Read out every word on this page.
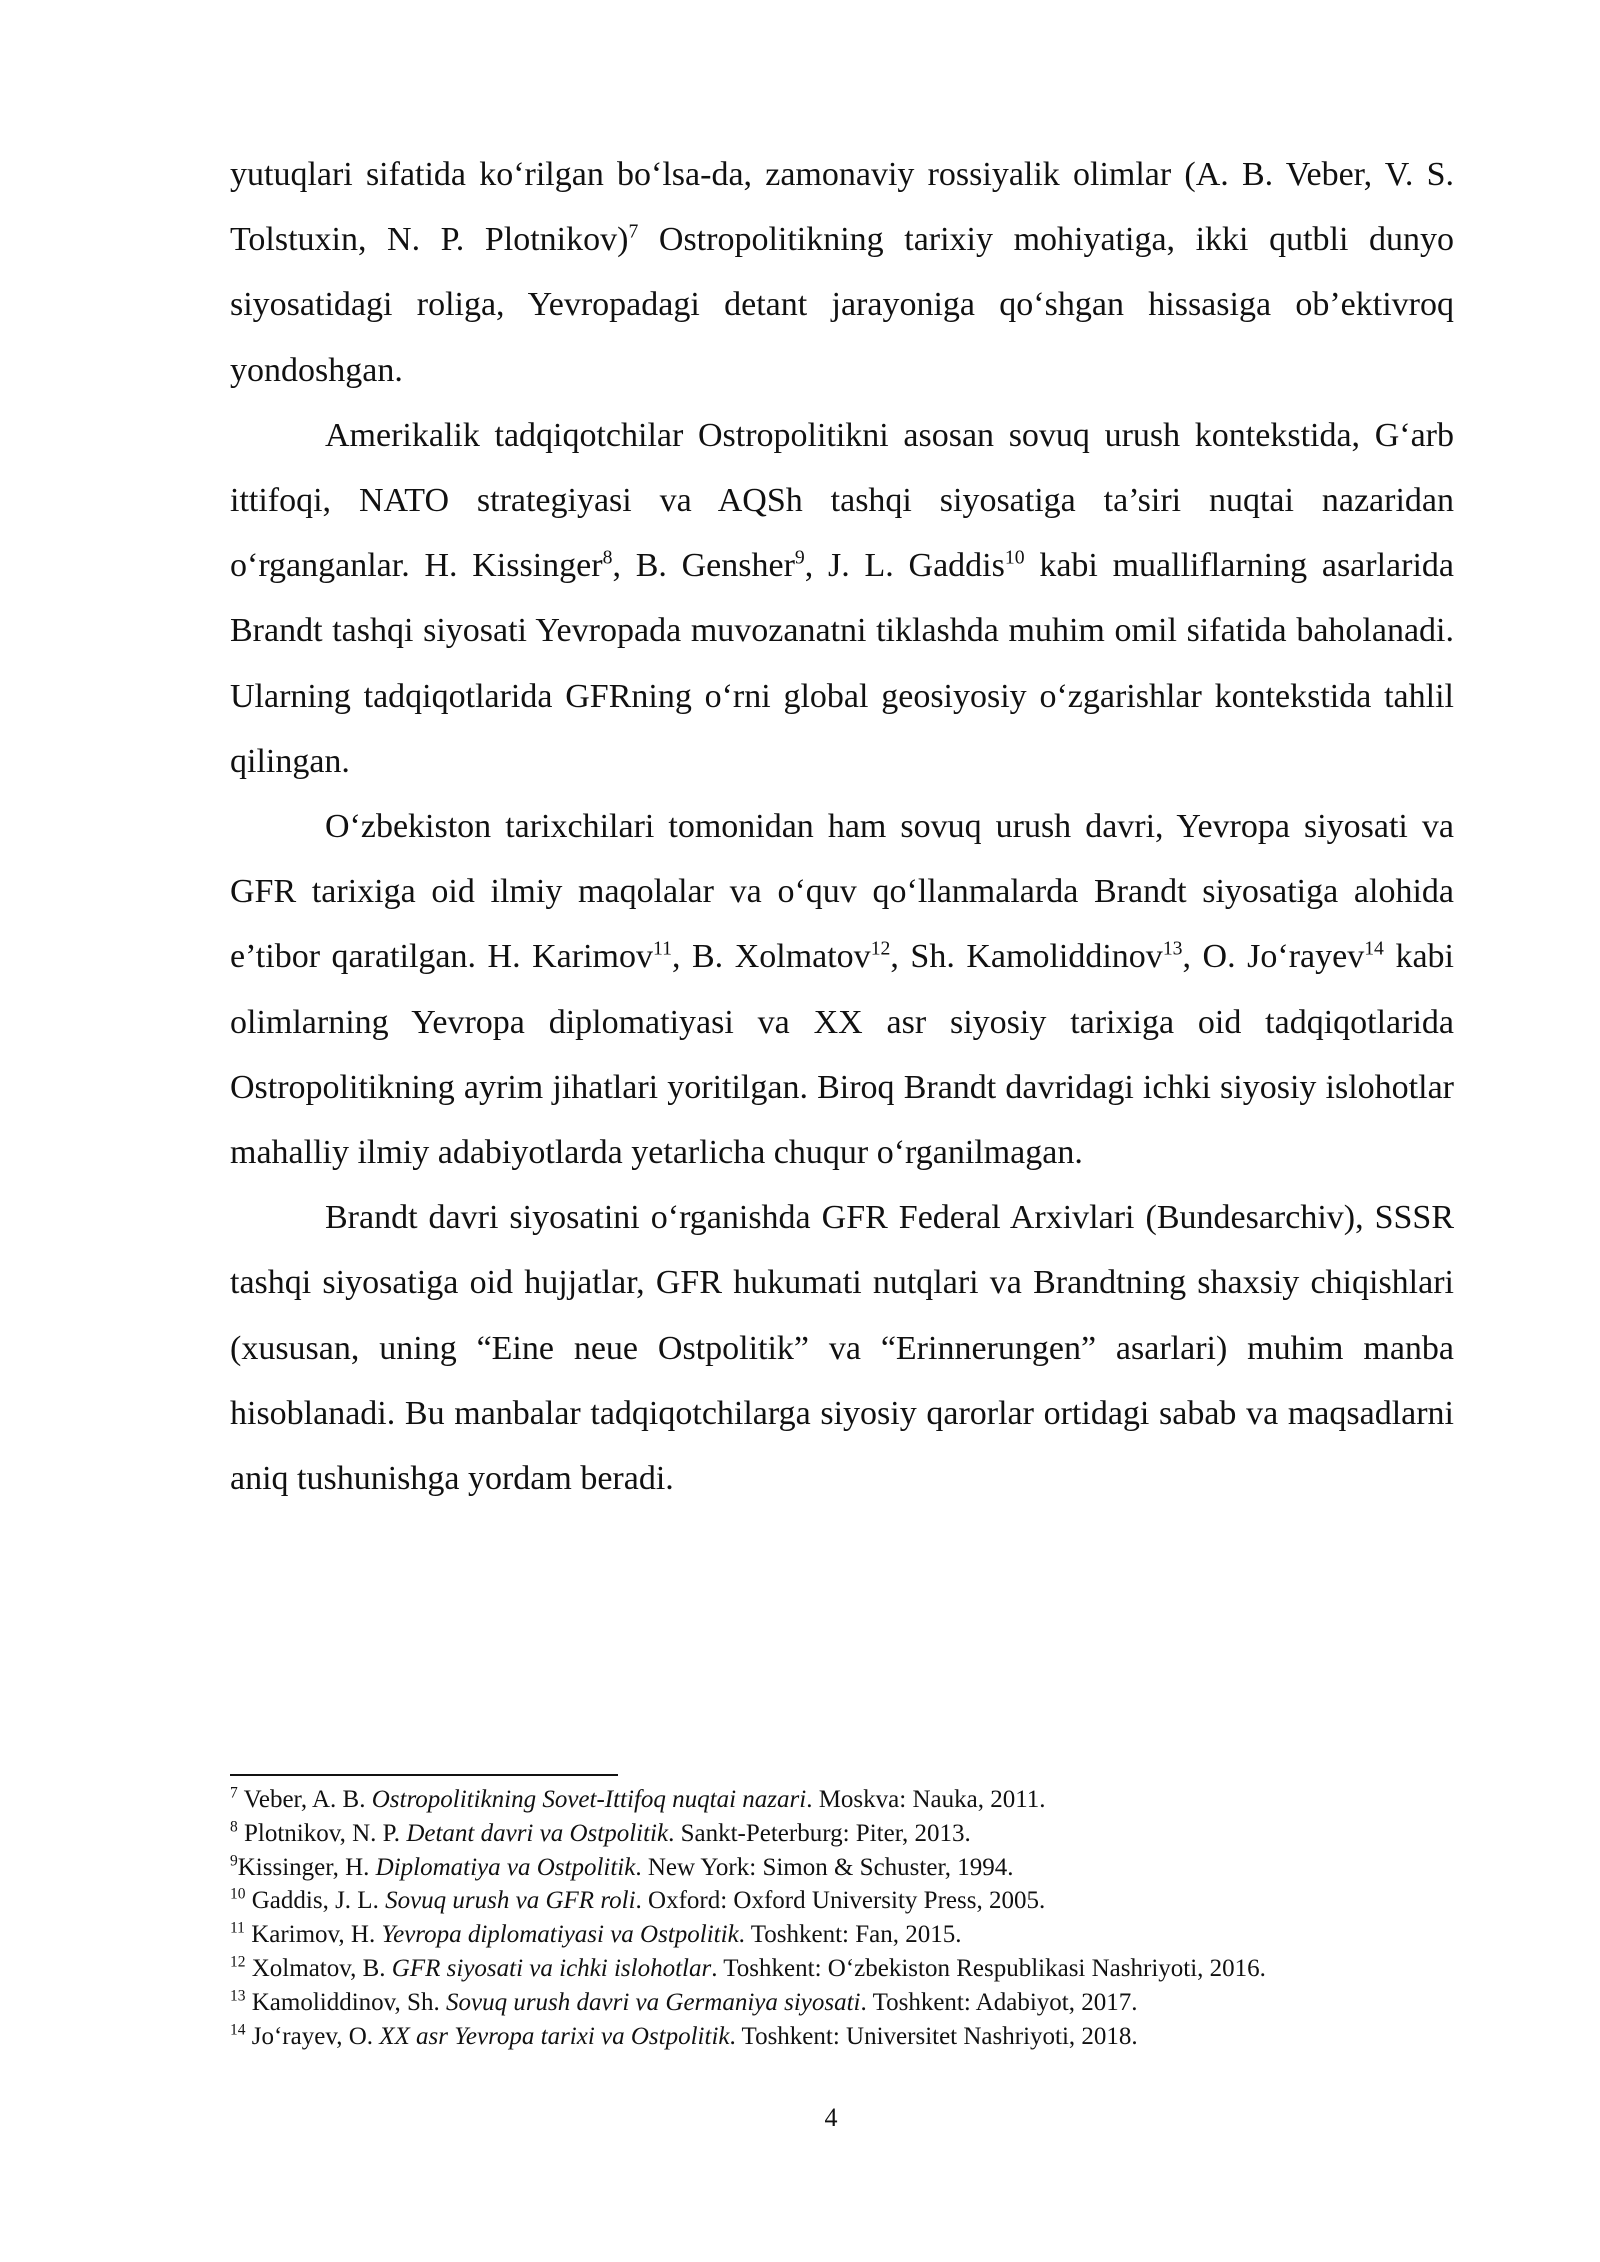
yutuqlari sifatida ko‘rilgan bo‘lsa-da, zamonaviy rossiyalik olimlar (A. B. Veber, V. S. Tolstuxin, N. P. Plotnikov)$^7$ Ostropolitikning tarixiy mohiyatiga, ikki qutbli dunyo siyosatidagi roliga, Yevropadagi detant jarayoniga qo‘shgan hissasiga ob’ektivroq yondoshgan.

Amerikalik tadqiqotchilar Ostropolitikni asosan sovuq urush kontekstida, G‘arb ittifoqi, NATO strategiyasi va AQSh tashqi siyosatiga ta’siri nuqtai nazaridan o‘rganganlar. H. Kissinger$^8$, B. Gensher$^9$, J. L. Gaddis$^{10}$ kabi mualliflarning asarlarida Brandt tashqi siyosati Yevropada muvozanatni tiklashda muhim omil sifatida baholanadi. Ularning tadqiqotlarida GFRning o‘rni global geosiyosiy o‘zgarishlar kontekstida tahlil qilingan.

O‘zbekiston tarixchilari tomonidan ham sovuq urush davri, Yevropa siyosati va GFR tarixiga oid ilmiy maqolalar va o‘quv qo‘llanmalarda Brandt siyosatiga alohida e’tibor qaratilgan. H. Karimov$^{11}$, B. Xolmatov$^{12}$, Sh. Kamoliddinov$^{13}$, O. Jo‘rayev$^{14}$ kabi olimlarning Yevropa diplomatiyasi va XX asr siyosiy tarixiga oid tadqiqotlarida Ostropolitikning ayrim jihatlari yoritilgan. Biroq Brandt davridagi ichki siyosiy islohotlar mahalliy ilmiy adabiyotlarda yetarlicha chuqur o‘rganilmagan.

Brandt davri siyosatini o‘rganishda GFR Federal Arxivlari (Bundesarchiv), SSSR tashqi siyosatiga oid hujjatlar, GFR hukumati nutqlari va Brandtning shaxsiy chiqishlari (xususan, uning “Eine neue Ostpolitik” va “Erinnerungen” asarlari) muhim manba hisoblanadi. Bu manbalar tadqiqotchilarga siyosiy qarorlar ortidagi sabab va maqsadlarni aniq tushunishga yordam beradi.

$^7$ Veber, A. B. Ostropolitikning Sovet-Ittifoq nuqtai nazari. Moskva: Nauka, 2011.

$^8$ Plotnikov, N. P. Detant davri va Ostpolitik. Sankt-Peterburg: Piter, 2013.

$^9$Kissinger, H. Diplomatiya va Ostpolitik. New York: Simon & Schuster, 1994.

$^{10}$ Gaddis, J. L. Sovuq urush va GFR roli. Oxford: Oxford University Press, 2005.

$^{11}$ Karimov, H. Yevropa diplomatiyasi va Ostpolitik. Toshkent: Fan, 2015.

$^{12}$ Xolmatov, B. GFR siyosati va ichki islohotlar. Toshkent: O‘zbekiston Respublikasi Nashriyoti, 2016.

$^{13}$ Kamoliddinov, Sh. Sovuq urush davri va Germaniya siyosati. Toshkent: Adabiyot, 2017.

$^{14}$ Jo‘rayev, O. XX asr Yevropa tarixi va Ostpolitik. Toshkent: Universitet Nashriyoti, 2018.

4
